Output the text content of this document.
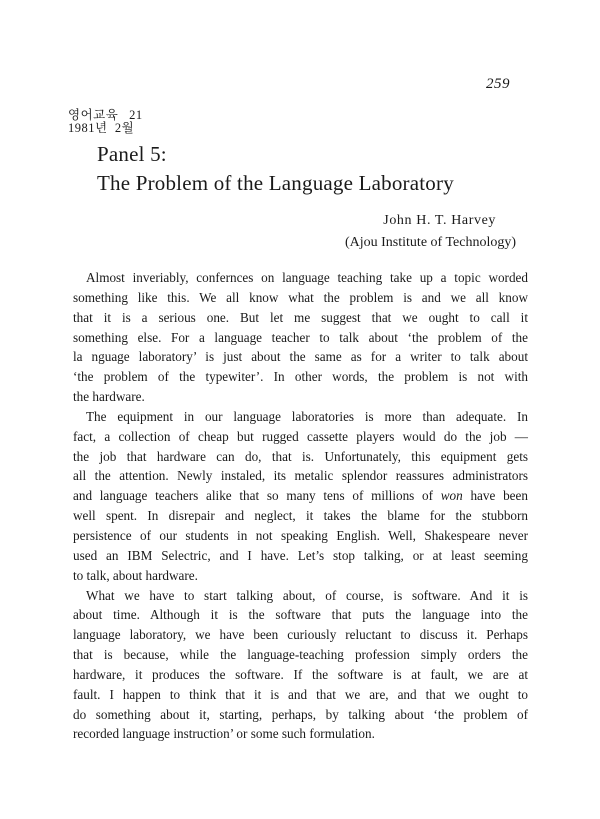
259
영어교육   21
1981년  2월
Panel 5:
The Problem of the Language Laboratory
John H. T. Harvey
(Ajou Institute of Technology)
Almost inveriably, confernces on language teaching take up a topic worded
something like this. We all know what the problem is and we all know
that it is a serious one. But let me suggest that we ought to call it
something else. For a language teacher to talk about ‘the problem of the
la nguage laboratory’ is just about the same as for a writer to talk about
‘the problem of the typewiter’. In other words, the problem is not with
the hardware.
The equipment in our language laboratories is more than adequate. In
fact, a collection of cheap but rugged cassette players would do the job —
the job that hardware can do, that is. Unfortunately, this equipment gets
all the attention. Newly instaled, its metalic splendor reassures administrators
and language teachers alike that so many tens of millions of won have been
well spent. In disrepair and neglect, it takes the blame for the stubborn
persistence of our students in not speaking English. Well, Shakespeare never
used an IBM Selectric, and I have. Let’s stop talking, or at least seeming
to talk, about hardware.
What we have to start talking about, of course, is software. And it is
about time. Although it is the software that puts the language into the
language laboratory, we have been curiously reluctant to discuss it. Perhaps
that is because, while the language-teaching profession simply orders the
hardware, it produces the software. If the software is at fault, we are at
fault. I happen to think that it is and that we are, and that we ought to
do something about it, starting, perhaps, by talking about ‘the problem of
recorded language instruction’ or some such formulation.
